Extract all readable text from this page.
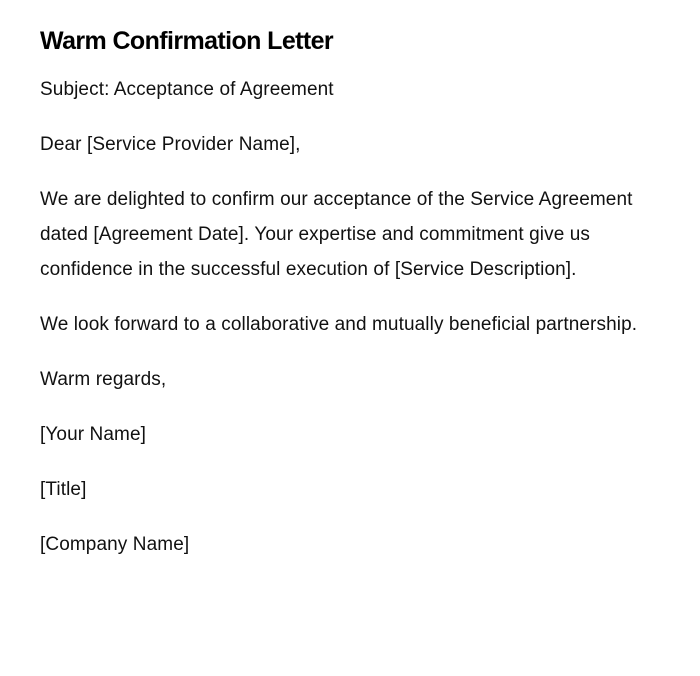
Warm Confirmation Letter

Subject: Acceptance of Agreement

Dear [Service Provider Name],

We are delighted to confirm our acceptance of the Service Agreement dated [Agreement Date]. Your expertise and commitment give us confidence in the successful execution of [Service Description].

We look forward to a collaborative and mutually beneficial partnership.

Warm regards,

[Your Name]

[Title]

[Company Name]
